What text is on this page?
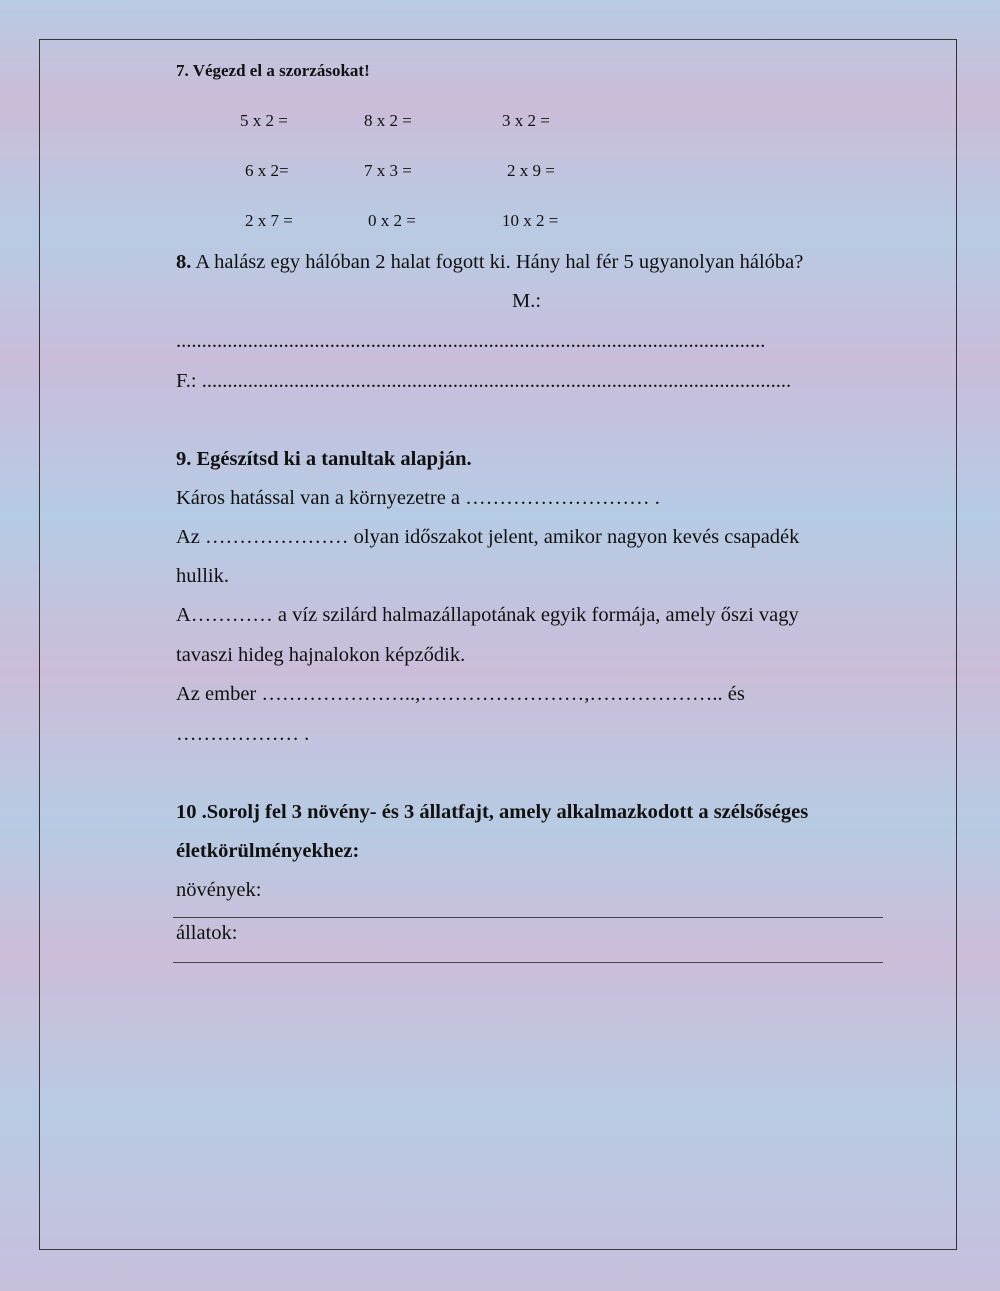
7. Végezd el a szorzásokat!
5 x 2 =	8 x 2 =	3 x 2 =
6 x 2=	7 x 3 =	2 x 9 =
2 x 7 =	0 x 2 =	10 x 2 =
8. A halász egy hálóban 2 halat fogott ki. Hány hal fér 5 ugyanolyan hálóba?
M.:
...................................................................................................................
F.: ...................................................................................................................
9. Egészítsd ki a tanultak alapján.
Káros hatással van a környezetre a ……………………… .
Az ………………… olyan időszakot jelent, amikor nagyon kevés csapadék
hullik.
A………… a víz szilárd halmazállapotának egyik formája, amely őszi vagy
tavaszi hideg hajnalokon képződik.
Az ember …………………..,……………………,……………….. és
……………… .
10 .Sorolj fel 3 növény- és 3 állatfajt, amely alkalmazkodott a szélsőséges
életkörülményekhez:
növények:
állatok:
